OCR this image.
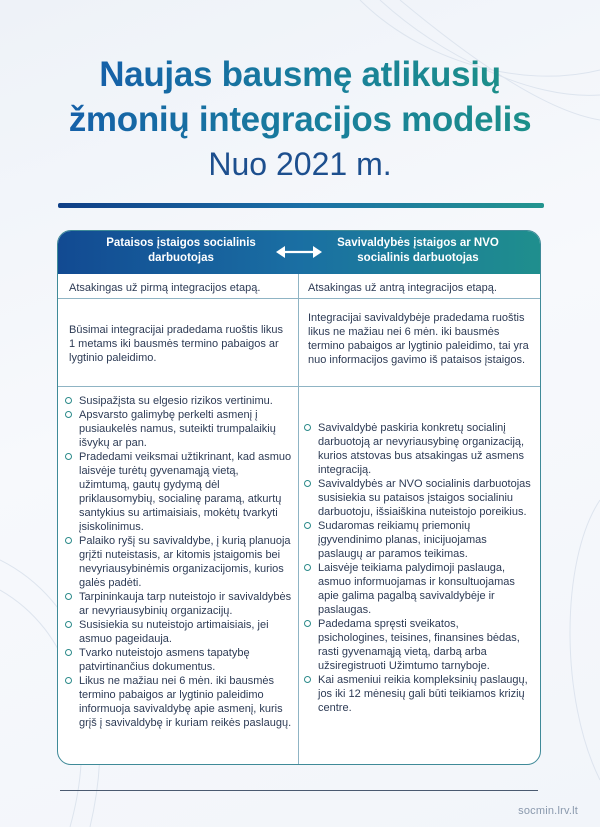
Naujas bausmę atlikusių
žmonių integracijos modelis
Nuo 2021 m.
Pataisos įstaigos socialinis darbuotojas
Savivaldybės įstaigos ar NVO socialinis darbuotojas
Atsakingas už pirmą integracijos etapą.	Atsakingas už antrą integracijos etapą.
Būsimai integracijai pradedama ruoštis likus 1 metams iki bausmės termino pabaigos ar lygtinio paleidimo.
Integracijai savivaldybėje pradedama ruoštis likus ne mažiau nei 6 mėn. iki bausmės termino pabaigos ar lygtinio paleidimo, tai yra nuo informacijos gavimo iš pataisos įstaigos.
Susipažįsta su elgesio rizikos vertinimu.
Apsvarsto galimybę perkelti asmenį į pusiaukelės namus, suteikti trumpalaikių išvykų ar pan.
Pradedami veiksmai užtikrinant, kad asmuo laisvėje turėtų gyvenamąją vietą, užimtumą, gautų gydymą dėl priklausomybių, socialinę paramą, atkurtų santykius su artimaisiais, mokėtų tvarkyti įsiskolinimus.
Palaiko ryšį su savivaldybe, į kurią planuoja grįžti nuteistasis, ar kitomis įstaigomis bei nevyriausybinėmis organizacijomis, kurios galės padėti.
Tarpininkauja tarp nuteistojo ir savivaldybės ar nevyriausybinių organizacijų.
Susisiekia su nuteistojo artimaisiais, jei asmuo pageidauja.
Tvarko nuteistojo asmens tapatybę patvirtinančius dokumentus.
Likus ne mažiau nei 6 mėn. iki bausmės termino pabaigos ar lygtinio paleidimo informuoja savivaldybę apie asmenį, kuris grįš į savivaldybę ir kuriam reikės paslaugų.
Savivaldybė paskiria konkretų socialinį darbuotoją ar nevyriausybinę organizaciją, kurios atstovas bus atsakingas už asmens integraciją.
Savivaldybės ar NVO socialinis darbuotojas susisiekia su pataisos įstaigos socialiniu darbuotoju, išsiaiškina nuteistojo poreikius.
Sudaromas reikiamų priemonių įgyvendinimo planas, inicijuojamas paslaugų ar paramos teikimas.
Laisvėje teikiama palydimoji paslauga, asmuo informuojamas ir konsultuojamas apie galima pagalbą savivaldybėje ir paslaugas.
Padedama spręsti sveikatos, psichologines, teisines, finansines bėdas, rasti gyvenamąją vietą, darbą arba užsiregistruoti Užimtumo tarnyboje.
Kai asmeniui reikia kompleksinių paslaugų, jos iki 12 mėnesių gali būti teikiamos krizių centre.
socmin.lrv.lt
